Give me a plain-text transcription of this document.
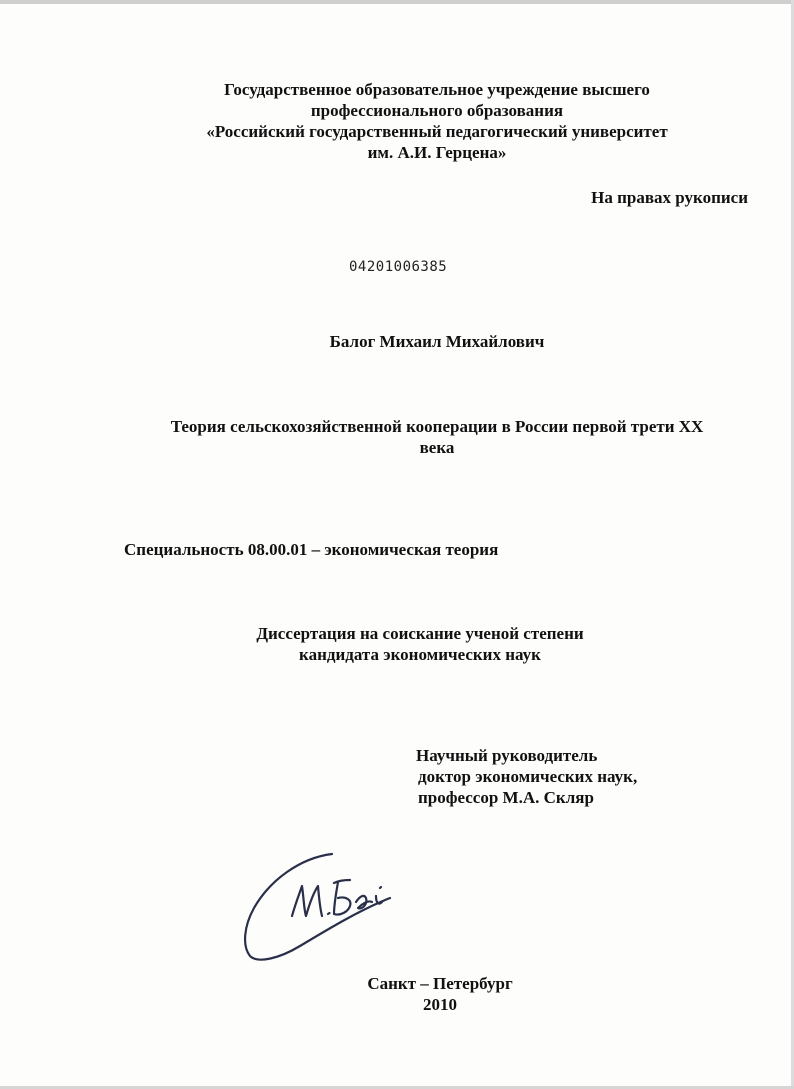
Государственное образовательное учреждение высшего
профессионального образования
«Российский государственный педагогический университет
им. А.И. Герцена»
На правах рукописи
04201006385
Балог Михаил Михайлович
Теория сельскохозяйственной кооперации в России первой трети XX
века
Специальность 08.00.01 – экономическая теория
Диссертация на соискание ученой степени
кандидата экономических наук
Научный руководитель
доктор экономических наук,
профессор М.А. Скляр
Санкт – Петербург
2010
